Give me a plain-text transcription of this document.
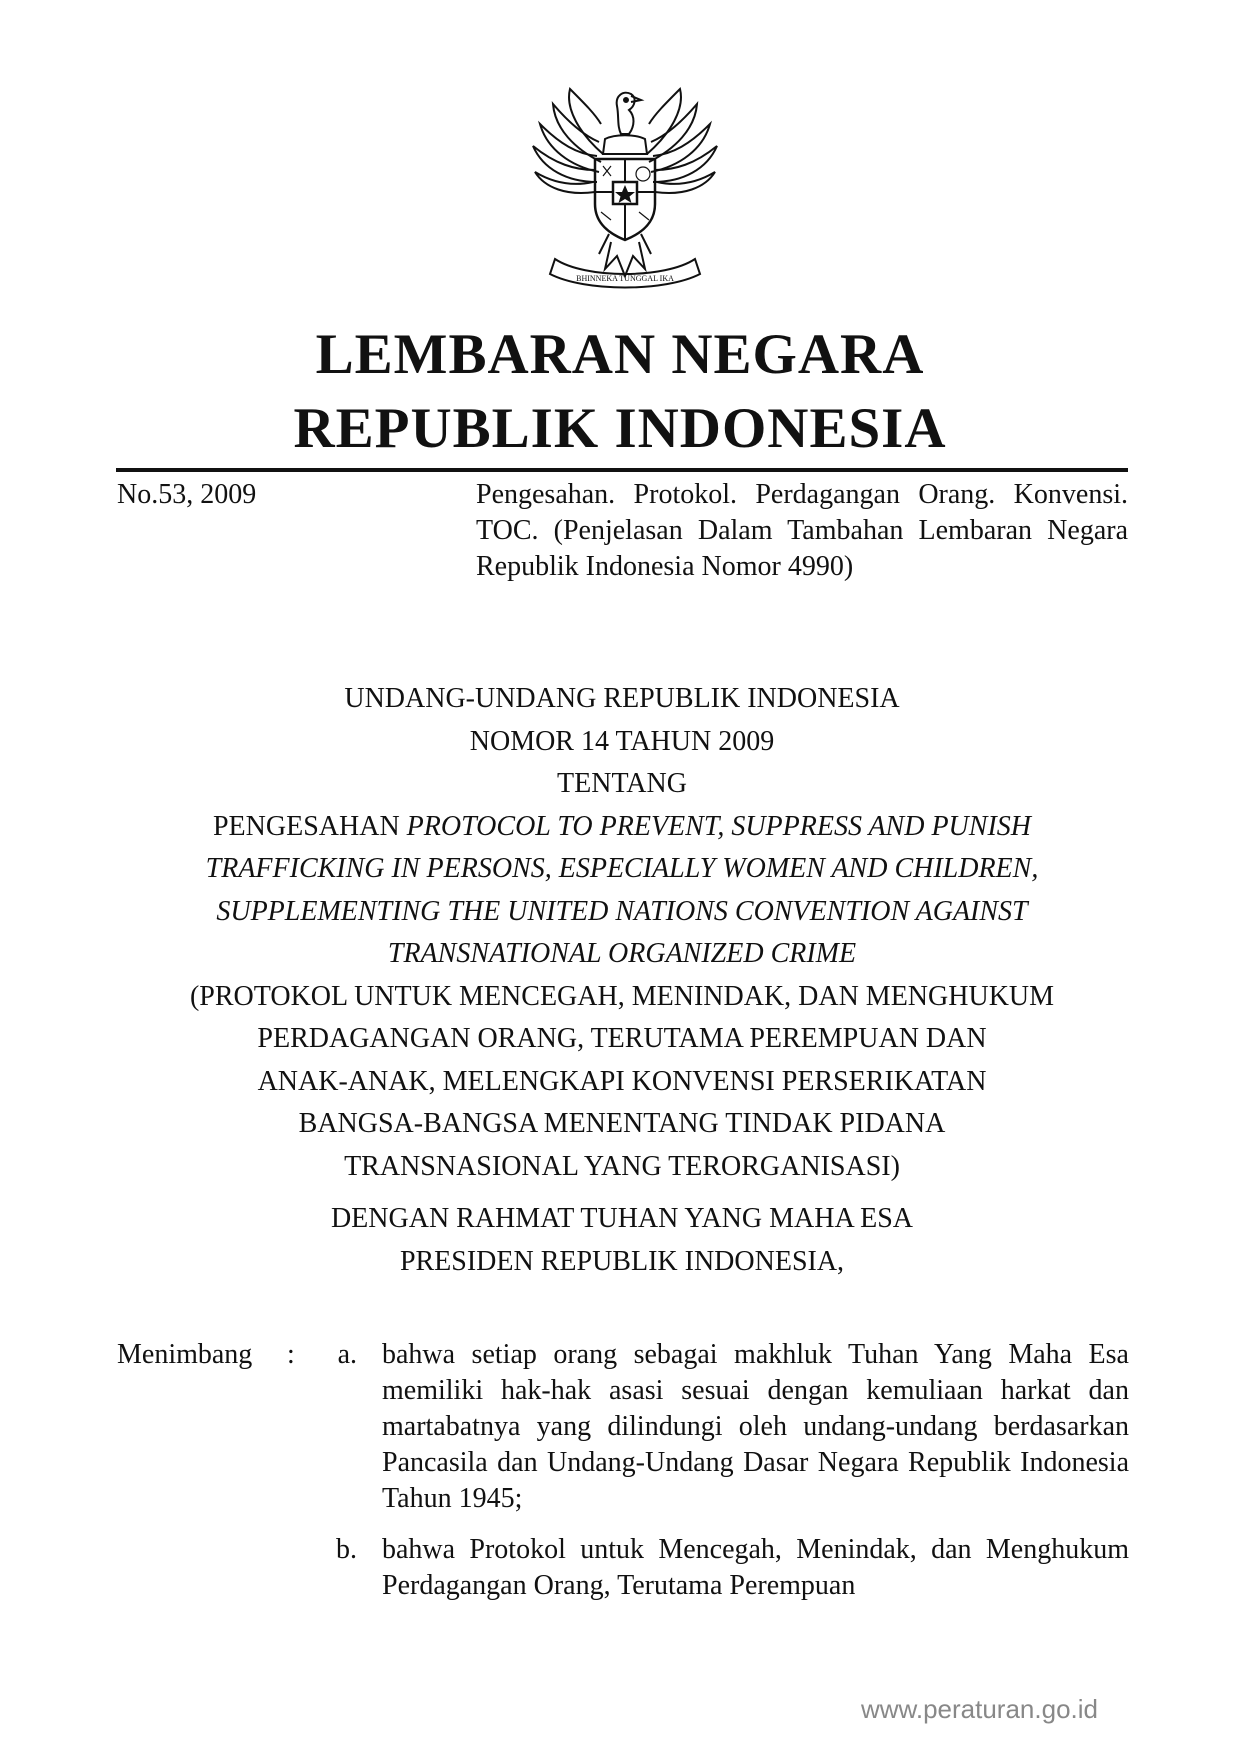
BHINNEKA TUNGGAL IKA
LEMBARAN NEGARA
REPUBLIK INDONESIA
No.53, 2009	Pengesahan. Protokol. Perdagangan Orang. Konvensi. TOC. (Penjelasan Dalam Tambahan Lembaran Negara Republik Indonesia Nomor 4990)
UNDANG-UNDANG REPUBLIK INDONESIA
NOMOR 14 TAHUN 2009
TENTANG
PENGESAHAN PROTOCOL TO PREVENT, SUPPRESS AND PUNISH
TRAFFICKING IN PERSONS, ESPECIALLY WOMEN AND CHILDREN,
SUPPLEMENTING THE UNITED NATIONS CONVENTION AGAINST
TRANSNATIONAL ORGANIZED CRIME
(PROTOKOL UNTUK MENCEGAH, MENINDAK, DAN MENGHUKUM
PERDAGANGAN ORANG, TERUTAMA PEREMPUAN DAN
ANAK-ANAK, MELENGKAPI KONVENSI PERSERIKATAN
BANGSA-BANGSA MENENTANG TINDAK PIDANA
TRANSNASIONAL YANG TERORGANISASI)
DENGAN RAHMAT TUHAN YANG MAHA ESA
PRESIDEN REPUBLIK INDONESIA,
Menimbang :	a. bahwa setiap orang sebagai makhluk Tuhan Yang Maha Esa memiliki hak-hak asasi sesuai dengan kemuliaan harkat dan martabatnya yang dilindungi oleh undang-undang berdasarkan Pancasila dan Undang-Undang Dasar Negara Republik Indonesia Tahun 1945;
b. bahwa Protokol untuk Mencegah, Menindak, dan Menghukum Perdagangan Orang, Terutama Perempuan
www.peraturan.go.id
